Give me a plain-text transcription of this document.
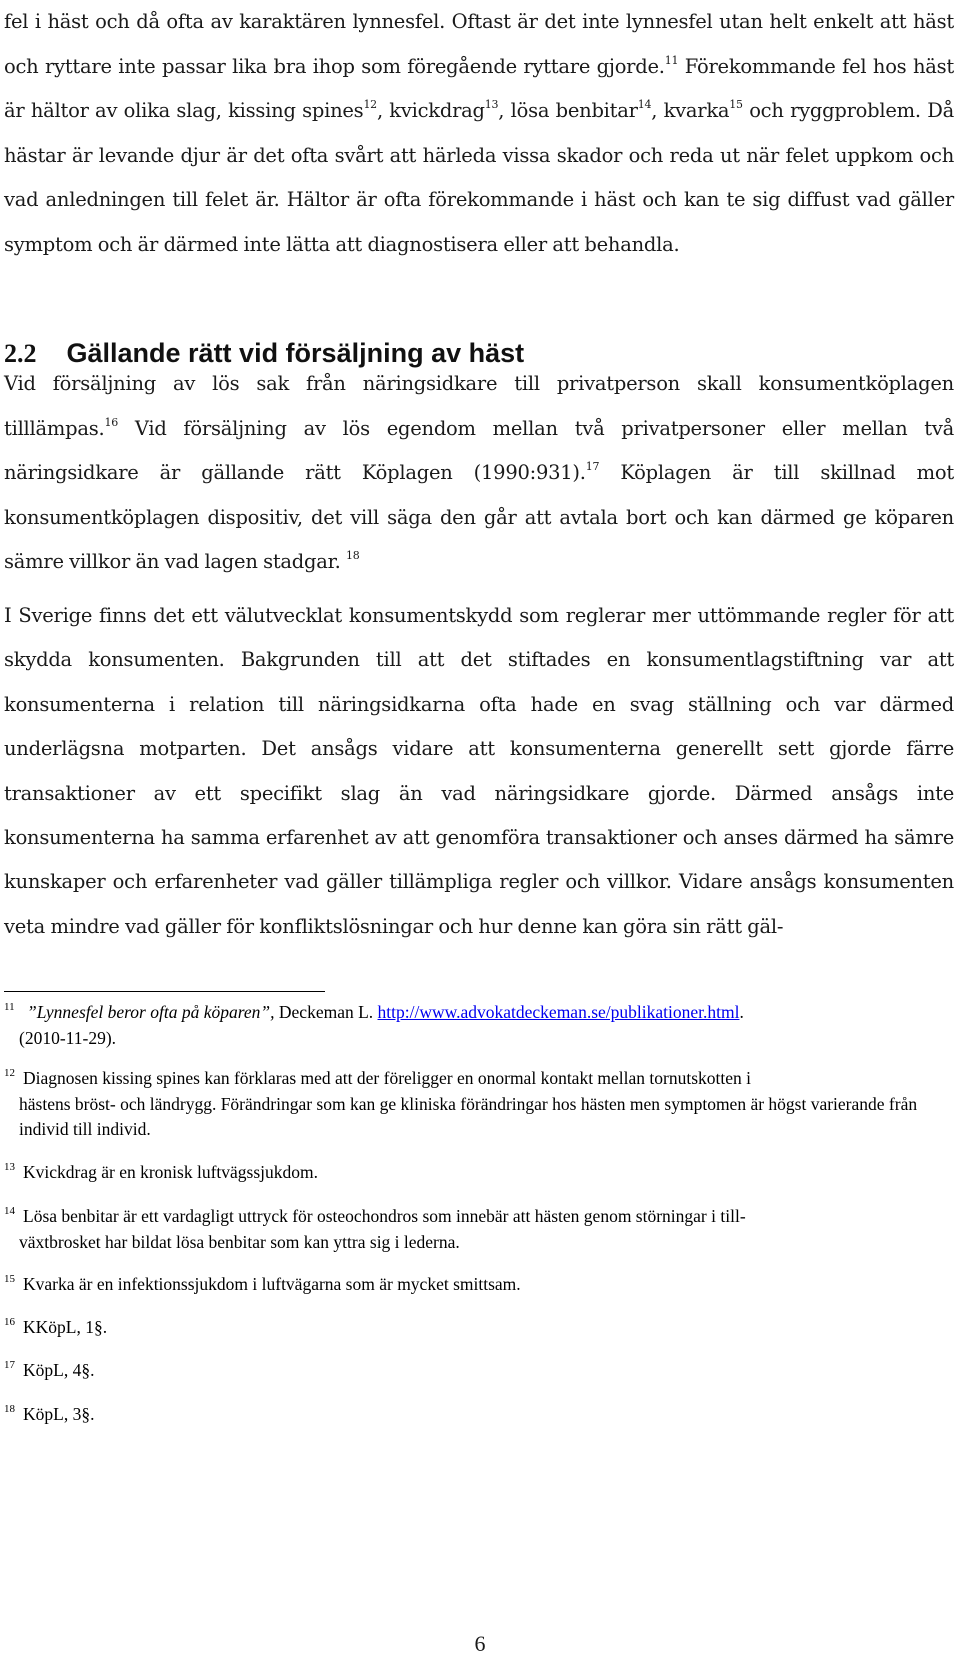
fel i häst och då ofta av karaktären lynnesfel. Oftast är det inte lynnesfel utan helt enkelt att häst och ryttare inte passar lika bra ihop som föregående ryttare gjorde.$^{11}$ Förekommande fel hos häst är hältor av olika slag, kissing spines$^{12}$, kvickdrag$^{13}$, lösa benbitar$^{14}$, kvarka$^{15}$ och ryggproblem. Då hästar är levande djur är det ofta svårt att härleda vissa skador och reda ut när felet uppkom och vad anledningen till felet är. Hältor är ofta förekommande i häst och kan te sig diffust vad gäller symptom och är därmed inte lätta att diagnostisera eller att behandla.

2.2 Gällande rätt vid försäljning av häst

Vid försäljning av lös sak från näringsidkare till privatperson skall konsumentköplagen tilllämpas.$^{16}$ Vid försäljning av lös egendom mellan två privatpersoner eller mellan två näringsidkare är gällande rätt Köplagen (1990:931).$^{17}$ Köplagen är till skillnad mot konsumentköplagen dispositiv, det vill säga den går att avtala bort och kan därmed ge köparen sämre villkor än vad lagen stadgar. $^{18}$

I Sverige finns det ett välutvecklat konsumentskydd som reglerar mer uttömmande regler för att skydda konsumenten. Bakgrunden till att det stiftades en konsumentlagstiftning var att konsumenterna i relation till näringsidkarna ofta hade en svag ställning och var därmed underlägsna motparten. Det ansågs vidare att konsumenterna generellt sett gjorde färre transaktioner av ett specifikt slag än vad näringsidkare gjorde. Därmed ansågs inte konsumenterna ha samma erfarenhet av att genomföra transaktioner och anses därmed ha sämre kunskaper och erfarenheter vad gäller tillämpliga regler och villkor. Vidare ansågs konsumenten veta mindre vad gäller för konfliktslösningar och hur denne kan göra sin rätt gäl-

$^{11}$ ”Lynnesfel beror ofta på köparen”, Deckeman L. http://www.advokatdeckeman.se/publikationer.html.
(2010-11-29).

$^{12}$ Diagnosen kissing spines kan förklaras med att der föreligger en onormal kontakt mellan tornutskotten i
hästens bröst- och ländrygg. Förändringar som kan ge kliniska förändringar hos hästen men symptomen är högst varierande från individ till individ.

$^{13}$ Kvickdrag är en kronisk luftvägssjukdom.

$^{14}$ Lösa benbitar är ett vardagligt uttryck för osteochondros som innebär att hästen genom störningar i till-
växtbrosket har bildat lösa benbitar som kan yttra sig i lederna.

$^{15}$ Kvarka är en infektionssjukdom i luftvägarna som är mycket smittsam.

$^{16}$ KKöpL, 1§.

$^{17}$ KöpL, 4§.

$^{18}$ KöpL, 3§.

6
